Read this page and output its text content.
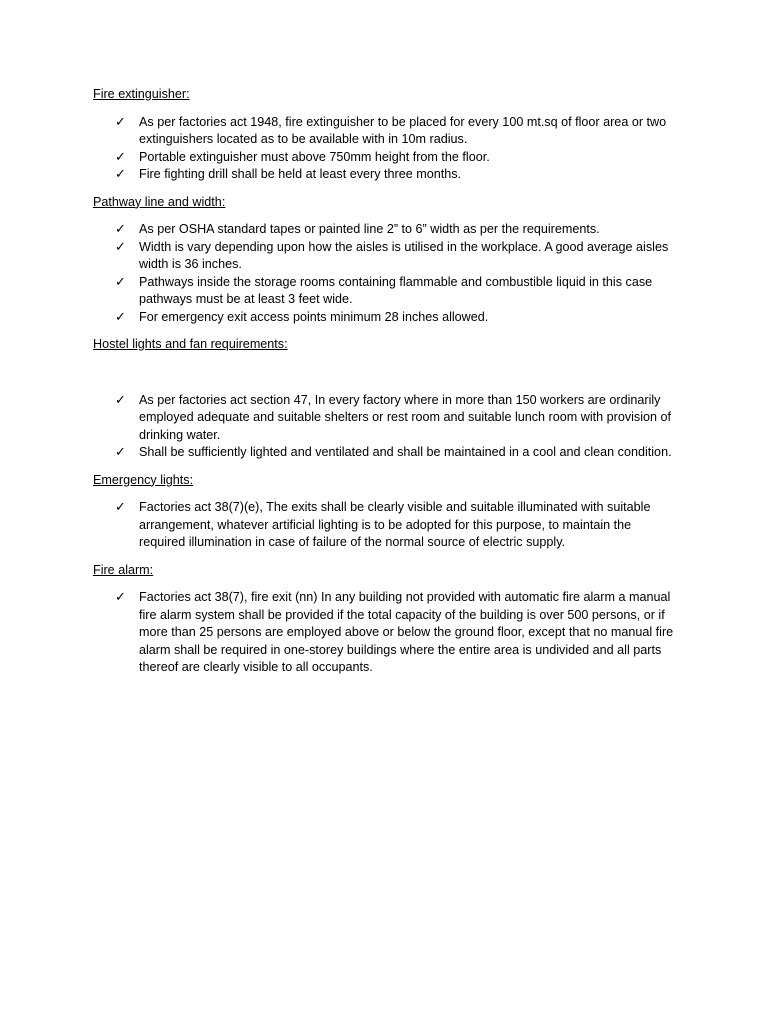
Fire extinguisher:
✓ As per factories act 1948, fire extinguisher to be placed for every 100 mt.sq of floor area or two extinguishers located as to be available with in 10m radius.
✓ Portable extinguisher must above 750mm height from the floor.
✓ Fire fighting drill shall be held at least every three months.
Pathway line and width:
✓ As per OSHA standard tapes or painted line 2” to 6” width as per the requirements.
✓ Width is vary depending upon how the aisles is utilised in the workplace. A good average aisles width is 36 inches.
✓ Pathways inside the storage rooms containing flammable and combustible liquid in this case pathways must be at least 3 feet wide.
✓ For emergency exit access points minimum 28 inches allowed.
Hostel lights and fan requirements:
✓ As per factories act section 47, In every factory where in more than 150 workers are ordinarily employed adequate and suitable shelters or rest room and suitable lunch room with provision of drinking water.
✓ Shall be sufficiently lighted and ventilated and shall be maintained in a cool and clean condition.
Emergency lights:
✓ Factories act 38(7)(e), The exits shall be clearly visible and suitable illuminated with suitable arrangement, whatever artificial lighting is to be adopted for this purpose, to maintain the required illumination in case of failure of the normal source of electric supply.
Fire alarm:
✓ Factories act 38(7), fire exit (nn) In any building not provided with automatic fire alarm a manual fire alarm system shall be provided if the total capacity of the building is over 500 persons, or if more than 25 persons are employed above or below the ground floor, except that no manual fire alarm shall be required in one-storey buildings where the entire area is undivided and all parts thereof are clearly visible to all occupants.
